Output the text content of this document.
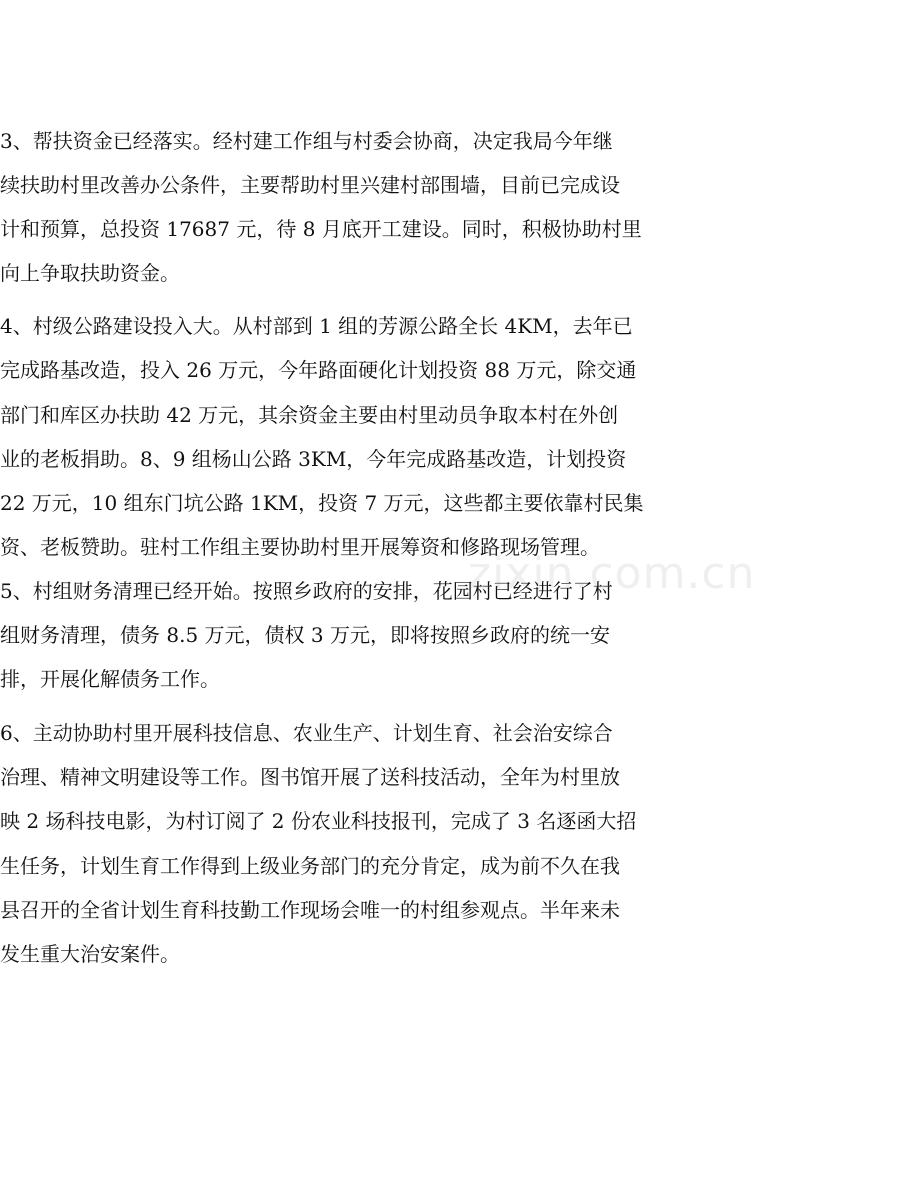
3、帮扶资金已经落实。经村建工作组与村委会协商，决定我局今年继

续扶助村里改善办公条件，主要帮助村里兴建村部围墙，目前已完成设

计和预算，总投资 17687 元，待 8 月底开工建设。同时，积极协助村里

向上争取扶助资金。

4、村级公路建设投入大。从村部到 1 组的芳源公路全长 4KM，去年已

完成路基改造，投入 26 万元，今年路面硬化计划投资 88 万元，除交通

部门和库区办扶助 42 万元，其余资金主要由村里动员争取本村在外创

业的老板捐助。8、9 组杨山公路 3KM，今年完成路基改造，计划投资

22 万元，10 组东门坑公路 1KM，投资 7 万元，这些都主要依靠村民集

资、老板赞助。驻村工作组主要协助村里开展筹资和修路现场管理。

5、村组财务清理已经开始。按照乡政府的安排，花园村已经进行了村

组财务清理，债务 8.5 万元，债权 3 万元，即将按照乡政府的统一安

排，开展化解债务工作。

6、主动协助村里开展科技信息、农业生产、计划生育、社会治安综合

治理、精神文明建设等工作。图书馆开展了送科技活动，全年为村里放

映 2 场科技电影，为村订阅了 2 份农业科技报刊，完成了 3 名逐函大招

生任务，计划生育工作得到上级业务部门的充分肯定，成为前不久在我

县召开的全省计划生育科技勤工作现场会唯一的村组参观点。半年来未

发生重大治安案件。

zixin.com.cn
